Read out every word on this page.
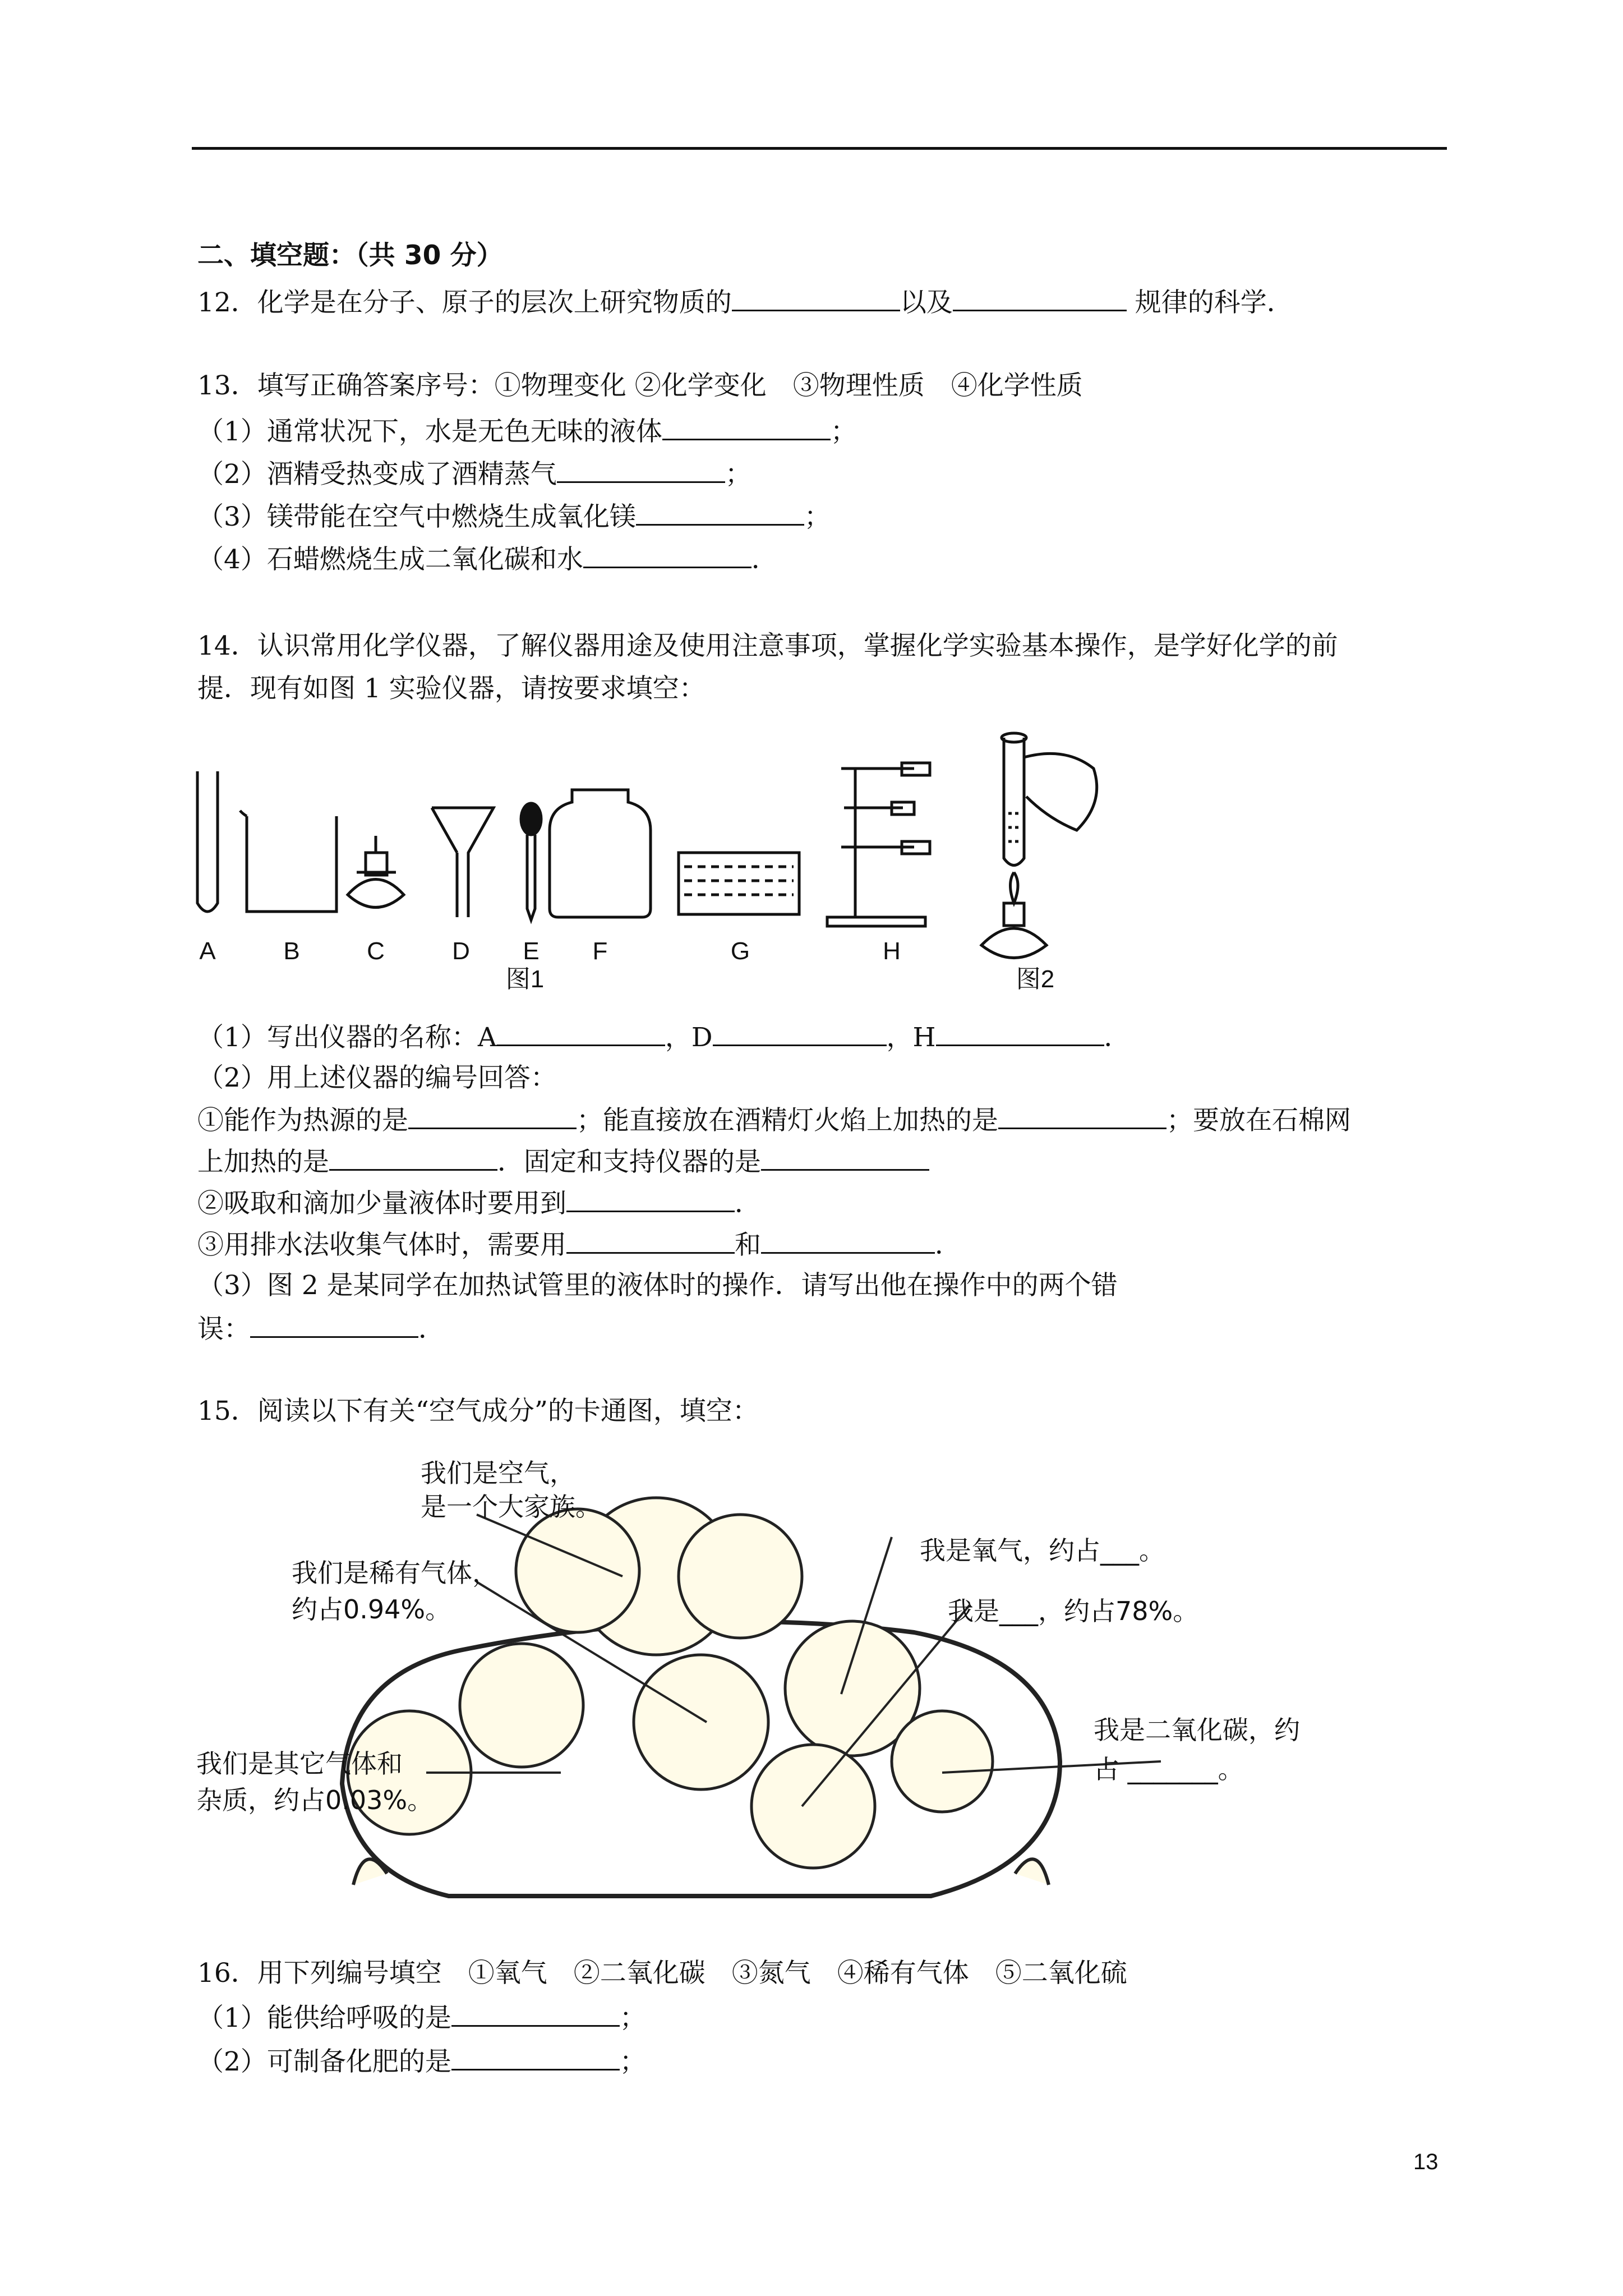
二、填空题：（共 30 分）
12．化学是在分子、原子的层次上研究物质的	以及	规律的科学．
13．填写正确答案序号：①物理变化 ②化学变化　③物理性质　④化学性质
（1）通常状况下，水是无色无味的液体	；
（2）酒精受热变成了酒精蒸气	；
（3）镁带能在空气中燃烧生成氧化镁	；
（4）石蜡燃烧生成二氧化碳和水	．
14．认识常用化学仪器，了解仪器用途及使用注意事项，掌握化学实验基本操作，是学好化学的前
提．现有如图 1 实验仪器，请按要求填空：
A	B	C	D E F	G	H
图1	图2
（1）写出仪器的名称：A	，D	，H	．
（2）用上述仪器的编号回答：
①能作为热源的是	；能直接放在酒精灯火焰上加热的是	；要放在石棉网
上加热的是	．固定和支持仪器的是
②吸取和滴加少量液体时要用到	．
③用排水法收集气体时，需要用	和	．
（3）图 2 是某同学在加热试管里的液体时的操作．请写出他在操作中的两个错
误：	．
15．阅读以下有关“空气成分”的卡通图，填空：
我们是空气，
是一个大家族。
我是氧气，约占___。
我是___，约占78%。
我们是稀有气体，
约占0.94%。
我们是其它气体和
杂质，约占0.03%。
我是二氧化碳，约
占 _______。
16．用下列编号填空　①氧气　②二氧化碳　③氮气　④稀有气体　⑤二氧化硫
（1）能供给呼吸的是	；
（2）可制备化肥的是	；
13
